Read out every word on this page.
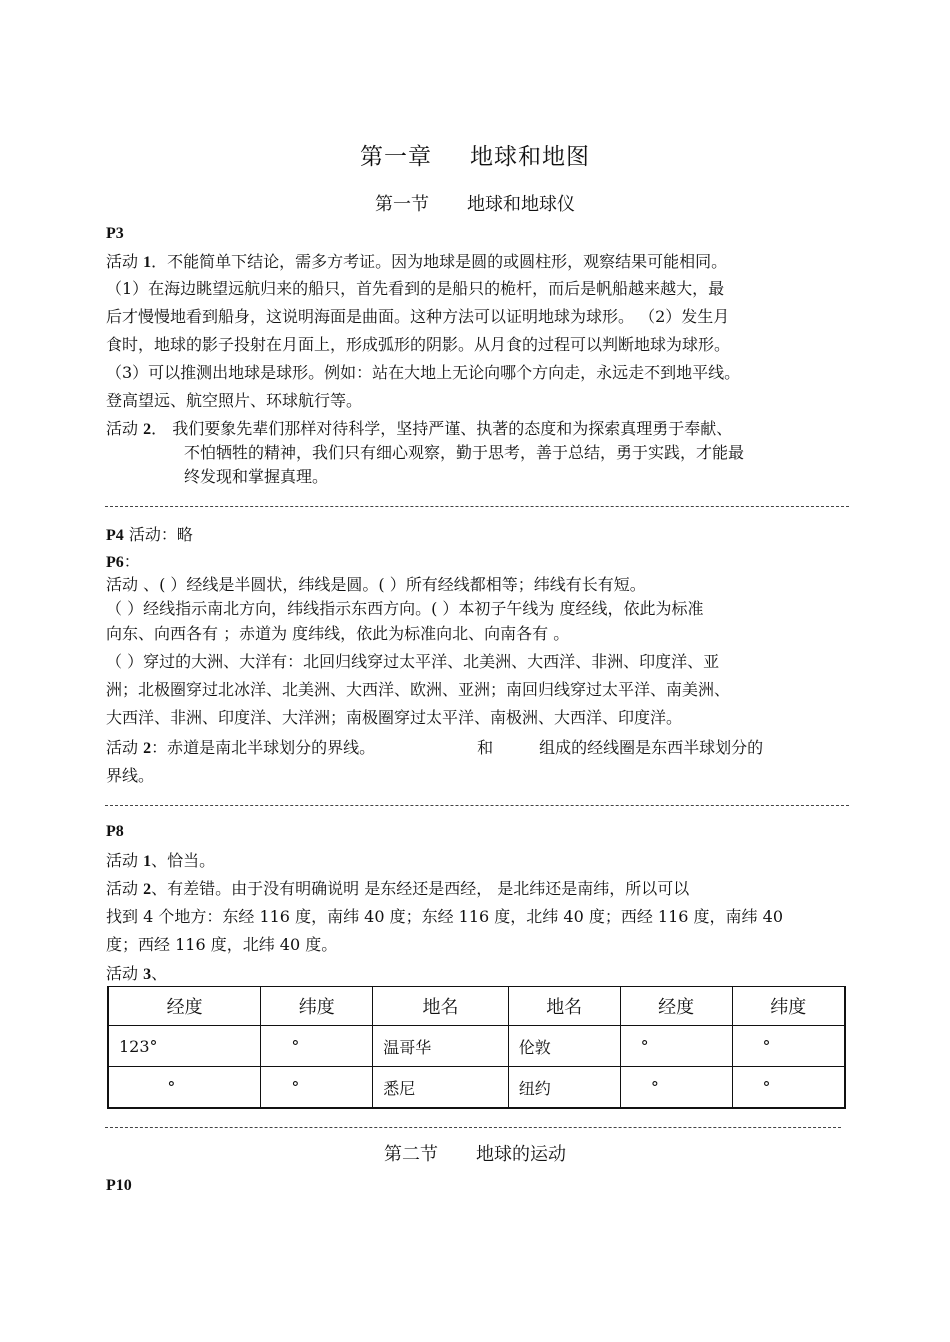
第一章 地球和地图
第一节 地球和地球仪
P3
活动 1．不能简单下结论，需多方考证。因为地球是圆的或圆柱形，观察结果可能相同。
（1）在海边眺望远航归来的船只，首先看到的是船只的桅杆，而后是帆船越来越大，最
后才慢慢地看到船身，这说明海面是曲面。这种方法可以证明地球为球形。 （2）发生月
食时，地球的影子投射在月面上，形成弧形的阴影。从月食的过程可以判断地球为球形。
（3）可以推测出地球是球形。例如：站在大地上无论向哪个方向走，永远走不到地平线。
登高望远、航空照片、环球航行等。
活动 2． 我们要象先辈们那样对待科学，坚持严谨、执著的态度和为探索真理勇于奉献、
不怕牺牲的精神，我们只有细心观察，勤于思考，善于总结，勇于实践，才能最
终发现和掌握真理。
P4 活动：略
P6：
活动 、( ）经线是半圆状，纬线是圆。( ）所有经线都相等；纬线有长有短。
（ ）经线指示南北方向，纬线指示东西方向。( ）本初子午线为 度经线，依此为标准
向东、向西各有 ；赤道为 度纬线，依此为标准向北、向南各有 。
（ ）穿过的大洲、大洋有：北回归线穿过太平洋、北美洲、大西洋、非洲、印度洋、亚
洲；北极圈穿过北冰洋、北美洲、大西洋、欧洲、亚洲；南回归线穿过太平洋、南美洲、
大西洋、非洲、印度洋、大洋洲；南极圈穿过太平洋、南极洲、大西洋、印度洋。
活动 2：赤道是南北半球划分的界线。	和	组成的经线圈是东西半球划分的
界线。
P8
活动 1、恰当。
活动 2、有差错。由于没有明确说明 是东经还是西经， 是北纬还是南纬，所以可以
找到 4 个地方：东经 116 度，南纬 40 度；东经 116 度，北纬 40 度；西经 116 度，南纬 40
度；西经 116 度，北纬 40 度。
活动 3、
经度	纬度	地名	地名	经度	纬度
123°	°	温哥华	伦敦	°	°
°	°	悉尼	纽约	°	°
第二节 地球的运动
P10
